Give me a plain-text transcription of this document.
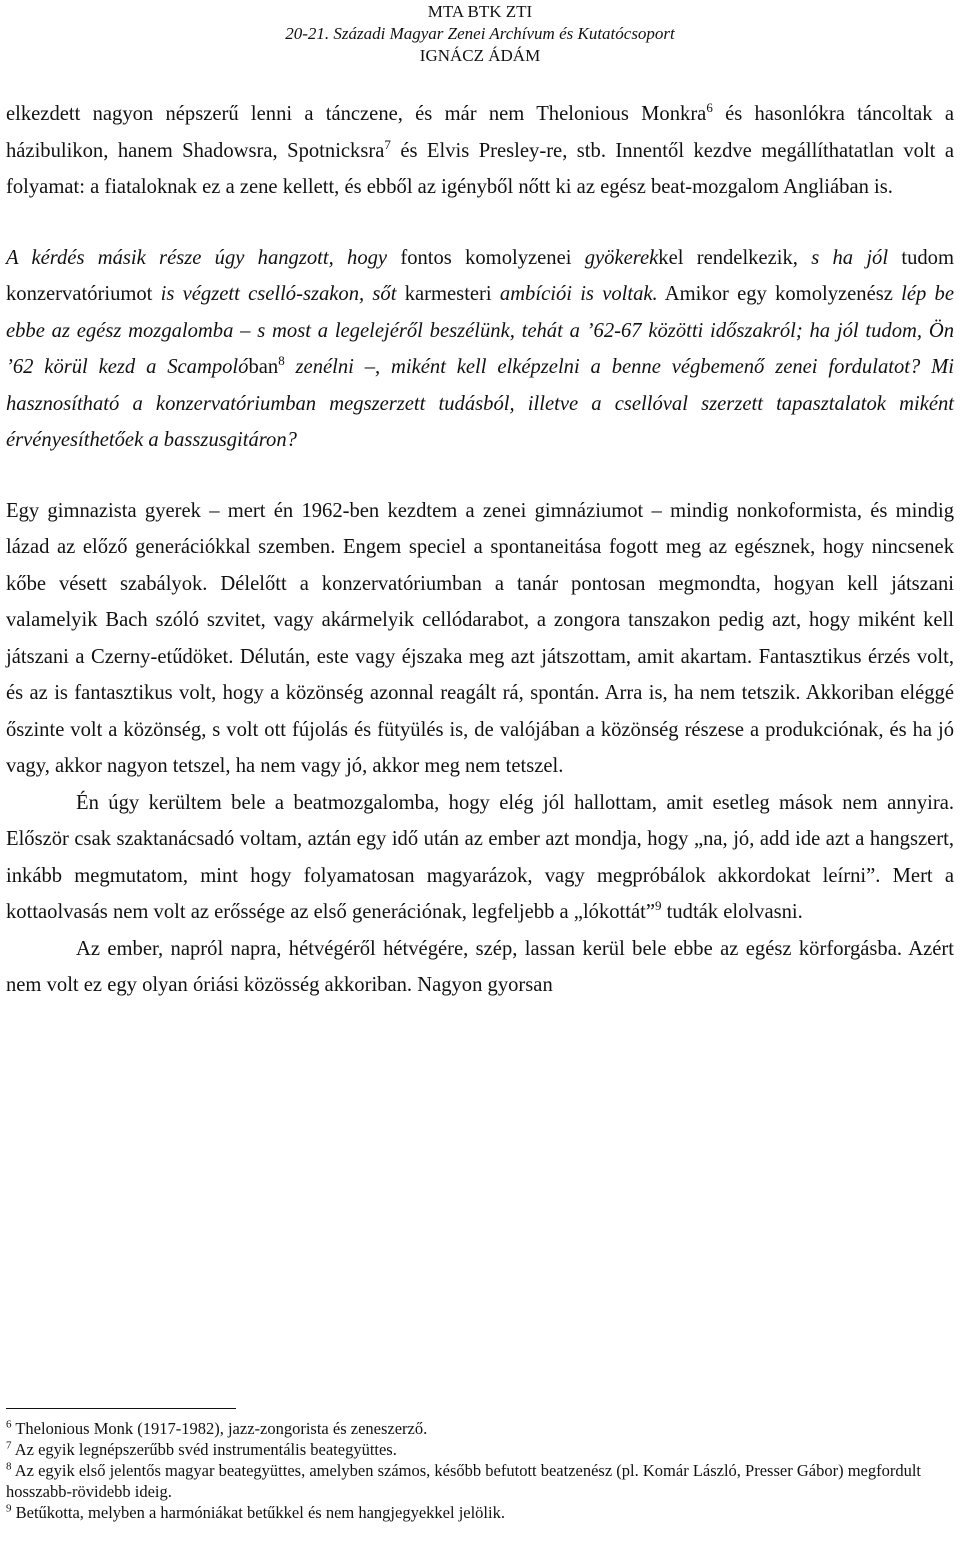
MTA BTK ZTI
20-21. Századi Magyar Zenei Archívum és Kutatócsoport
IGNÁCZ ÁDÁM

elkezdett nagyon népszerű lenni a tánczene, és már nem Thelonious Monkra$^6$ és hasonlókra táncoltak a házibulikon, hanem Shadowsra, Spotnicksra$^7$ és Elvis Presley-re, stb. Innentől kezdve megállíthatatlan volt a folyamat: a fiataloknak ez a zene kellett, és ebből az igényből nőtt ki az egész beat-mozgalom Angliában is.

A kérdés másik része úgy hangzott, hogy fontos komolyzenei gyökerekkel rendelkezik, s ha jól tudom konzervatóriumot is végzett cselló-szakon, sőt karmesteri ambíciói is voltak. Amikor egy komolyzenész lép be ebbe az egész mozgalomba – s most a legelejéről beszélünk, tehát a ’62-67 közötti időszakról; ha jól tudom, Ön ’62 körül kezd a Scampolóban$^8$ zenélni –, miként kell elképzelni a benne végbemenő zenei fordulatot? Mi hasznosítható a konzervatóriumban megszerzett tudásból, illetve a csellóval szerzett tapasztalatok miként érvényesíthetőek a basszusgitáron?

Egy gimnazista gyerek – mert én 1962-ben kezdtem a zenei gimnáziumot – mindig nonkoformista, és mindig lázad az előző generációkkal szemben. Engem speciel a spontaneitása fogott meg az egésznek, hogy nincsenek kőbe vésett szabályok. Délelőtt a konzervatóriumban a tanár pontosan megmondta, hogyan kell játszani valamelyik Bach szóló szvitet, vagy akármelyik cellódarabot, a zongora tanszakon pedig azt, hogy miként kell játszani a Czerny-etűdöket. Délután, este vagy éjszaka meg azt játszottam, amit akartam. Fantasztikus érzés volt, és az is fantasztikus volt, hogy a közönség azonnal reagált rá, spontán. Arra is, ha nem tetszik. Akkoriban eléggé őszinte volt a közönség, s volt ott fújolás és fütyülés is, de valójában a közönség részese a produkciónak, és ha jó vagy, akkor nagyon tetszel, ha nem vagy jó, akkor meg nem tetszel.

Én úgy kerültem bele a beatmozgalomba, hogy elég jól hallottam, amit esetleg mások nem annyira. Először csak szaktanácsadó voltam, aztán egy idő után az ember azt mondja, hogy „na, jó, add ide azt a hangszert, inkább megmutatom, mint hogy folyamatosan magyarázok, vagy megpróbálok akkordokat leírni”. Mert a kottaolvasás nem volt az erőssége az első generációnak, legfeljebb a „lókottát”$^9$ tudták elolvasni.

Az ember, napról napra, hétvégéről hétvégére, szép, lassan kerül bele ebbe az egész körforgásba. Azért nem volt ez egy olyan óriási közösség akkoriban. Nagyon gyorsan

$^6$ Thelonious Monk (1917-1982), jazz-zongorista és zeneszerző.

$^7$ Az egyik legnépszerűbb svéd instrumentális beategyüttes.

$^8$ Az egyik első jelentős magyar beategyüttes, amelyben számos, később befutott beatzenész (pl. Komár László, Presser Gábor) megfordult hosszabb-rövidebb ideig.

$^9$ Betűkotta, melyben a harmóniákat betűkkel és nem hangjegyekkel jelölik.
